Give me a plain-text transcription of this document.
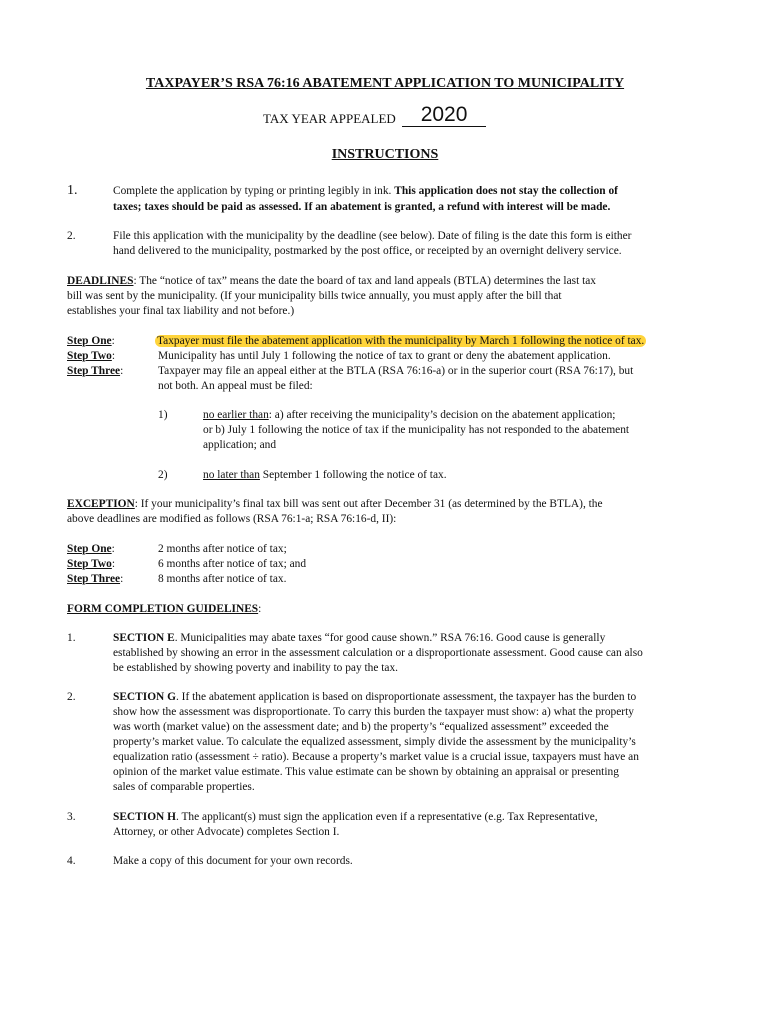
TAXPAYER’S RSA 76:16 ABATEMENT APPLICATION TO MUNICIPALITY
TAX YEAR APPEALED 2020
INSTRUCTIONS
1.	Complete the application by typing or printing legibly in ink. This application does not stay the collection of
taxes; taxes should be paid as assessed. If an abatement is granted, a refund with interest will be made.
2.	File this application with the municipality by the deadline (see below). Date of filing is the date this form is either
hand delivered to the municipality, postmarked by the post office, or receipted by an overnight delivery service.
DEADLINES: The “notice of tax” means the date the board of tax and land appeals (BTLA) determines the last tax
bill was sent by the municipality. (If your municipality bills twice annually, you must apply after the bill that
establishes your final tax liability and not before.)
Step One:	Taxpayer must file the abatement application with the municipality by March 1 following the notice of tax.
Step Two:	Municipality has until July 1 following the notice of tax to grant or deny the abatement application.
Step Three:	Taxpayer may file an appeal either at the BTLA (RSA 76:16-a) or in the superior court (RSA 76:17), but
not both. An appeal must be filed:
1)	no earlier than: a) after receiving the municipality’s decision on the abatement application;
or b) July 1 following the notice of tax if the municipality has not responded to the abatement
application; and
2)	no later than September 1 following the notice of tax.
EXCEPTION: If your municipality’s final tax bill was sent out after December 31 (as determined by the BTLA), the
above deadlines are modified as follows (RSA 76:1-a; RSA 76:16-d, II):
Step One:	2 months after notice of tax;
Step Two:	6 months after notice of tax; and
Step Three:	8 months after notice of tax.
FORM COMPLETION GUIDELINES:
1.	SECTION E. Municipalities may abate taxes “for good cause shown.” RSA 76:16. Good cause is generally
established by showing an error in the assessment calculation or a disproportionate assessment. Good cause can also
be established by showing poverty and inability to pay the tax.
2.	SECTION G. If the abatement application is based on disproportionate assessment, the taxpayer has the burden to
show how the assessment was disproportionate. To carry this burden the taxpayer must show: a) what the property
was worth (market value) on the assessment date; and b) the property’s “equalized assessment” exceeded the
property’s market value. To calculate the equalized assessment, simply divide the assessment by the municipality’s
equalization ratio (assessment ÷ ratio). Because a property’s market value is a crucial issue, taxpayers must have an
opinion of the market value estimate. This value estimate can be shown by obtaining an appraisal or presenting
sales of comparable properties.
3.	SECTION H. The applicant(s) must sign the application even if a representative (e.g. Tax Representative,
Attorney, or other Advocate) completes Section I.
4.	Make a copy of this document for your own records.
